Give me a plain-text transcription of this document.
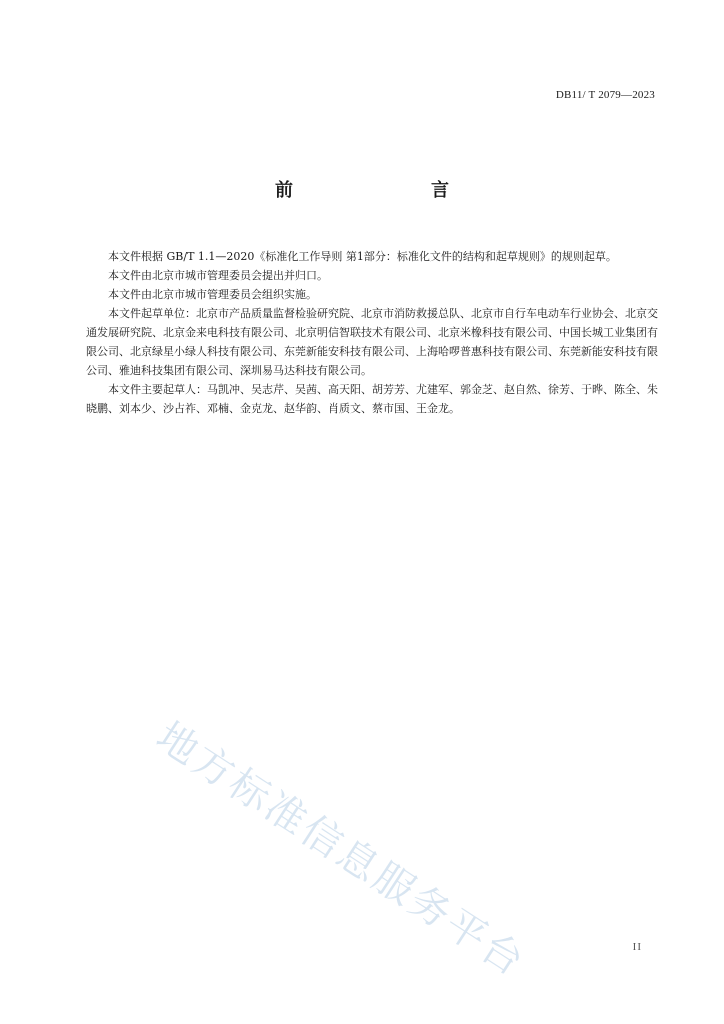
DB11/ T 2079—2023
前　　言

本文件根据 GB/T 1.1—2020《标准化工作导则 第1部分：标准化文件的结构和起草规则》的规则起草。

本文件由北京市城市管理委员会提出并归口。

本文件由北京市城市管理委员会组织实施。

本文件起草单位：北京市产品质量监督检验研究院、北京市消防救援总队、北京市自行车电动车行业协会、北京交通发展研究院、北京金来电科技有限公司、北京明信智联技术有限公司、北京米橡科技有限公司、中国长城工业集团有限公司、北京绿星小绿人科技有限公司、东莞新能安科技有限公司、上海哈啰普惠科技有限公司、东莞新能安科技有限公司、雅迪科技集团有限公司、深圳易马达科技有限公司。

本文件主要起草人：马凯冲、吴志芹、吴茜、高天阳、胡芳芳、尤建军、郭金芝、赵自然、徐芳、于晔、陈全、朱晓鹏、刘本少、沙占祚、邓楠、金克龙、赵华韵、肖质文、蔡市国、王金龙。

地方标准信息服务平台	II
